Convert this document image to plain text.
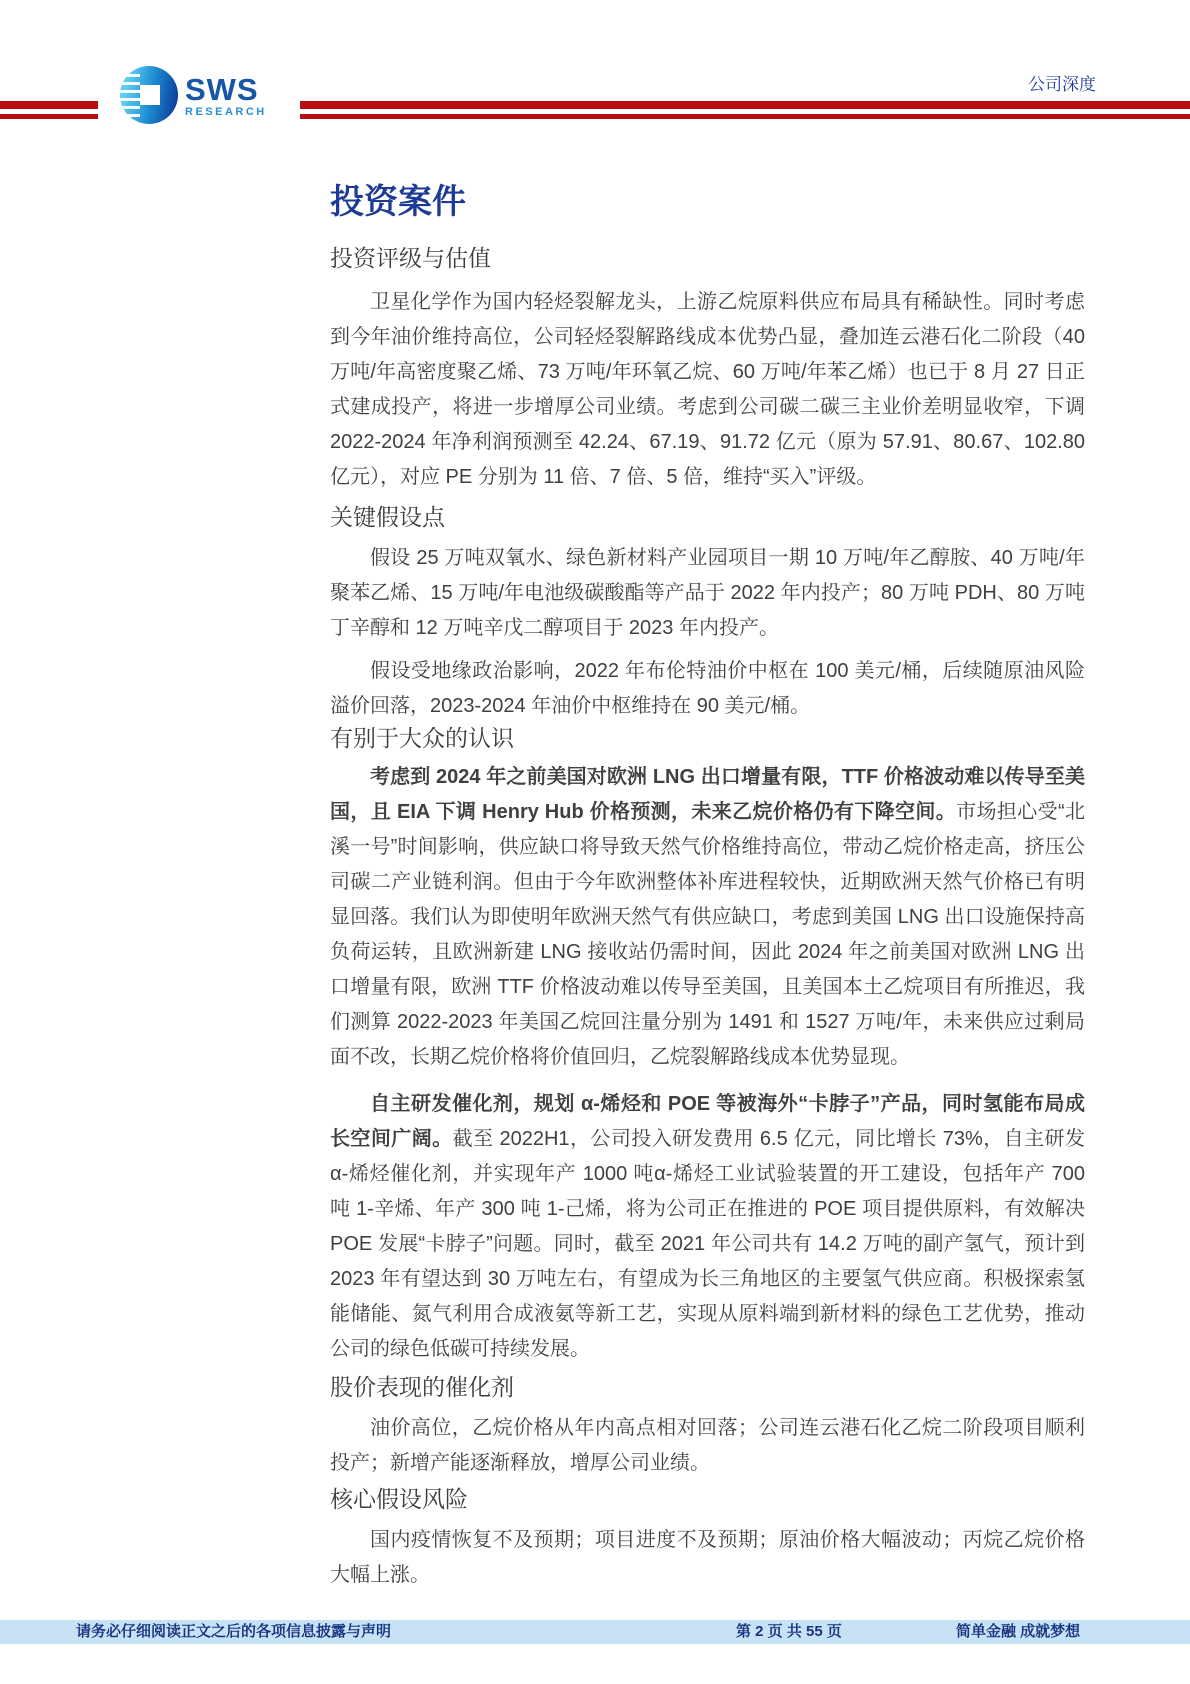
SWS
RESEARCH
公司深度
投资案件
投资评级与估值

卫星化学作为国内轻烃裂解龙头，上游乙烷原料供应布局具有稀缺性。同时考虑到今年油价维持高位，公司轻烃裂解路线成本优势凸显，叠加连云港石化二阶段（40 万吨/年高密度聚乙烯、73 万吨/年环氧乙烷、60 万吨/年苯乙烯）也已于 8 月 27 日正式建成投产，将进一步增厚公司业绩。考虑到公司碳二碳三主业价差明显收窄，下调 2022-2024 年净利润预测至 42.24、67.19、91.72 亿元（原为 57.91、80.67、102.80 亿元），对应 PE 分别为 11 倍、7 倍、5 倍，维持“买入”评级。

关键假设点

假设 25 万吨双氧水、绿色新材料产业园项目一期 10 万吨/年乙醇胺、40 万吨/年聚苯乙烯、15 万吨/年电池级碳酸酯等产品于 2022 年内投产；80 万吨 PDH、80 万吨丁辛醇和 12 万吨辛戊二醇项目于 2023 年内投产。

假设受地缘政治影响，2022 年布伦特油价中枢在 100 美元/桶，后续随原油风险溢价回落，2023-2024 年油价中枢维持在 90 美元/桶。

有别于大众的认识

考虑到 2024 年之前美国对欧洲 LNG 出口增量有限，TTF 价格波动难以传导至美国，且 EIA 下调 Henry Hub 价格预测，未来乙烷价格仍有下降空间。市场担心受“北溪一号”时间影响，供应缺口将导致天然气价格维持高位，带动乙烷价格走高，挤压公司碳二产业链利润。但由于今年欧洲整体补库进程较快，近期欧洲天然气价格已有明显回落。我们认为即使明年欧洲天然气有供应缺口，考虑到美国 LNG 出口设施保持高负荷运转，且欧洲新建 LNG 接收站仍需时间，因此 2024 年之前美国对欧洲 LNG 出口增量有限，欧洲 TTF 价格波动难以传导至美国，且美国本土乙烷项目有所推迟，我们测算 2022-2023 年美国乙烷回注量分别为 1491 和 1527 万吨/年，未来供应过剩局面不改，长期乙烷价格将价值回归，乙烷裂解路线成本优势显现。

自主研发催化剂，规划 α-烯烃和 POE 等被海外“卡脖子”产品，同时氢能布局成长空间广阔。截至 2022H1，公司投入研发费用 6.5 亿元，同比增长 73%，自主研发 α-烯烃催化剂，并实现年产 1000 吨α-烯烃工业试验装置的开工建设，包括年产 700 吨 1-辛烯、年产 300 吨 1-己烯，将为公司正在推进的 POE 项目提供原料，有效解决 POE 发展“卡脖子”问题。同时，截至 2021 年公司共有 14.2 万吨的副产氢气，预计到 2023 年有望达到 30 万吨左右，有望成为长三角地区的主要氢气供应商。积极探索氢能储能、氮气利用合成液氨等新工艺，实现从原料端到新材料的绿色工艺优势，推动公司的绿色低碳可持续发展。

股价表现的催化剂

油价高位，乙烷价格从年内高点相对回落；公司连云港石化乙烷二阶段项目顺利投产；新增产能逐渐释放，增厚公司业绩。

核心假设风险

国内疫情恢复不及预期；项目进度不及预期；原油价格大幅波动；丙烷乙烷价格大幅上涨。

请务必仔细阅读正文之后的各项信息披露与声明	第 2 页 共 55 页	简单金融 成就梦想
